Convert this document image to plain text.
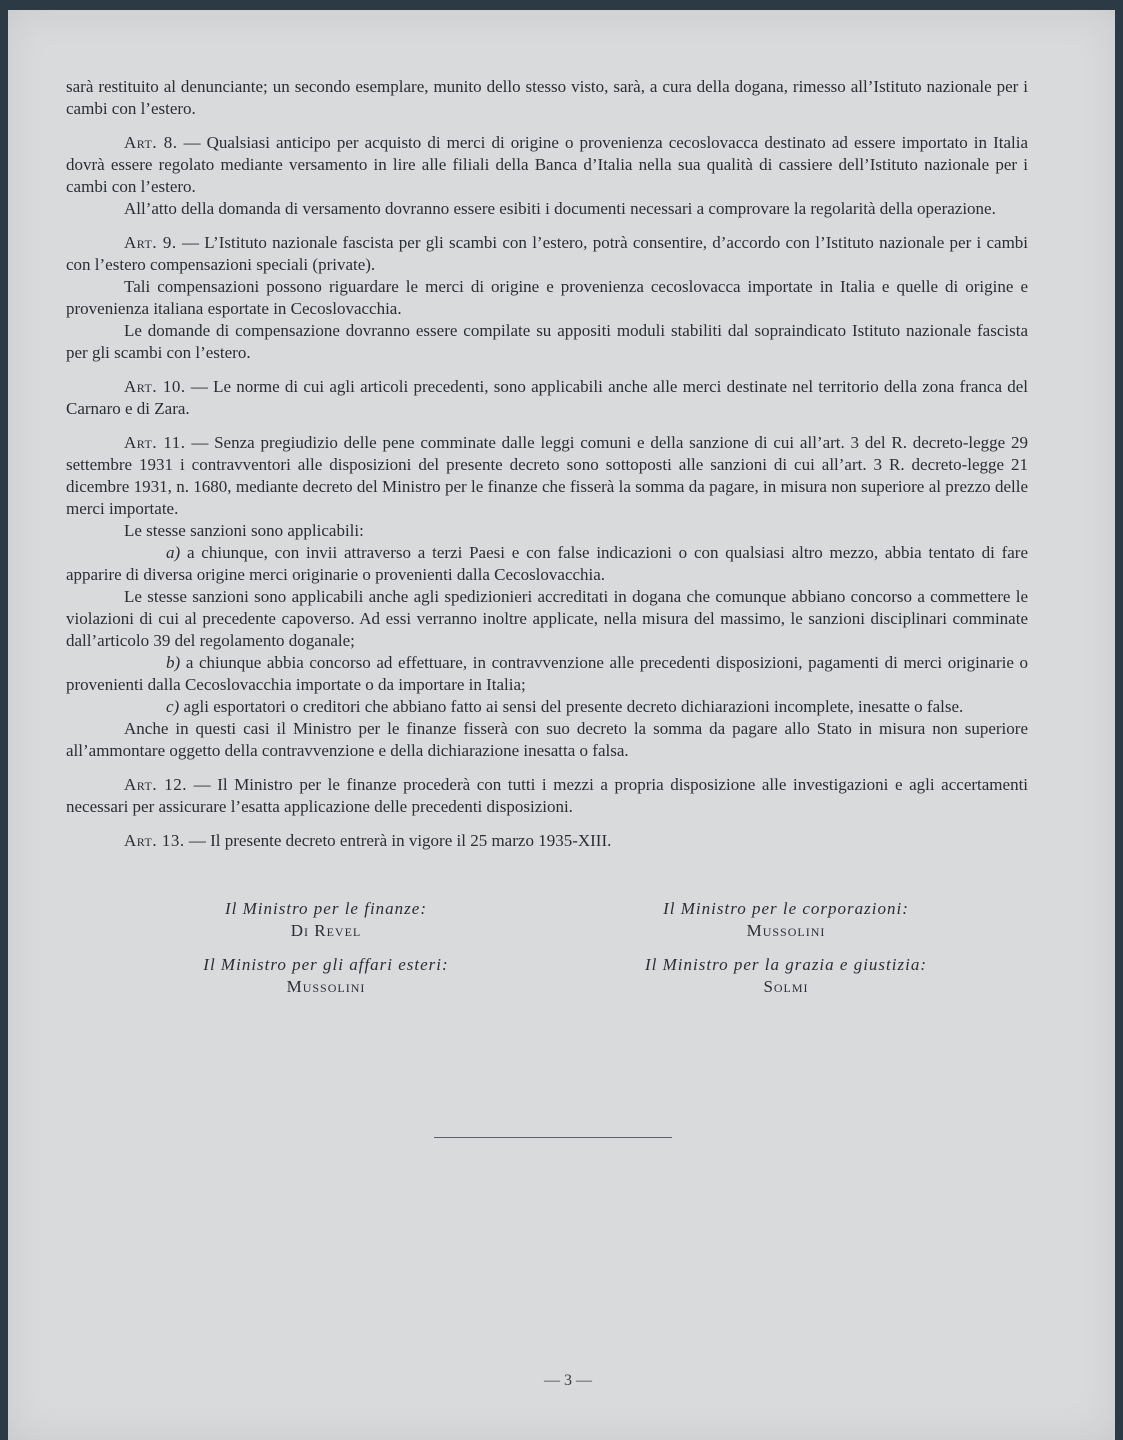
sarà restituito al denunciante; un secondo esemplare, munito dello stesso visto, sarà, a cura della dogana, rimesso all’Istituto nazionale per i cambi con l’estero.

Art. 8. — Qualsiasi anticipo per acquisto di merci di origine o provenienza cecoslovacca destinato ad essere importato in Italia dovrà essere regolato mediante versamento in lire alle filiali della Banca d’Italia nella sua qualità di cassiere dell’Istituto nazionale per i cambi con l’estero.

All’atto della domanda di versamento dovranno essere esibiti i documenti necessari a comprovare la regolarità della operazione.

Art. 9. — L’Istituto nazionale fascista per gli scambi con l’estero, potrà consentire, d’accordo con l’Istituto nazionale per i cambi con l’estero compensazioni speciali (private).

Tali compensazioni possono riguardare le merci di origine e provenienza cecoslovacca importate in Italia e quelle di origine e provenienza italiana esportate in Cecoslovacchia.

Le domande di compensazione dovranno essere compilate su appositi moduli stabiliti dal sopraindicato Istituto nazionale fascista per gli scambi con l’estero.

Art. 10. — Le norme di cui agli articoli precedenti, sono applicabili anche alle merci destinate nel territorio della zona franca del Carnaro e di Zara.

Art. 11. — Senza pregiudizio delle pene comminate dalle leggi comuni e della sanzione di cui all’art. 3 del R. decreto-legge 29 settembre 1931 i contravventori alle disposizioni del presente decreto sono sottoposti alle sanzioni di cui all’art. 3 R. decreto-legge 21 dicembre 1931, n. 1680, mediante decreto del Ministro per le finanze che fisserà la somma da pagare, in misura non superiore al prezzo delle merci importate.

Le stesse sanzioni sono applicabili:

a) a chiunque, con invii attraverso a terzi Paesi e con false indicazioni o con qualsiasi altro mezzo, abbia tentato di fare apparire di diversa origine merci originarie o provenienti dalla Cecoslovacchia.

Le stesse sanzioni sono applicabili anche agli spedizionieri accreditati in dogana che comunque abbiano concorso a commettere le violazioni di cui al precedente capoverso. Ad essi verranno inoltre applicate, nella misura del massimo, le sanzioni disciplinari comminate dall’articolo 39 del regolamento doganale;

b) a chiunque abbia concorso ad effettuare, in contravvenzione alle precedenti disposizioni, pagamenti di merci originarie o provenienti dalla Cecoslovacchia importate o da importare in Italia;

c) agli esportatori o creditori che abbiano fatto ai sensi del presente decreto dichiarazioni incomplete, inesatte o false.

Anche in questi casi il Ministro per le finanze fisserà con suo decreto la somma da pagare allo Stato in misura non superiore all’ammontare oggetto della contravvenzione e della dichiarazione inesatta o falsa.

Art. 12. — Il Ministro per le finanze procederà con tutti i mezzi a propria disposizione alle investigazioni e agli accertamenti necessari per assicurare l’esatta applicazione delle precedenti disposizioni.

Art. 13. — Il presente decreto entrerà in vigore il 25 marzo 1935-XIII.

Il Ministro per le finanze:
Di Revel
Il Ministro per gli affari esteri:
Mussolini
Il Ministro per le corporazioni:
Mussolini
Il Ministro per la grazia e giustizia:
Solmi
— 3 —
